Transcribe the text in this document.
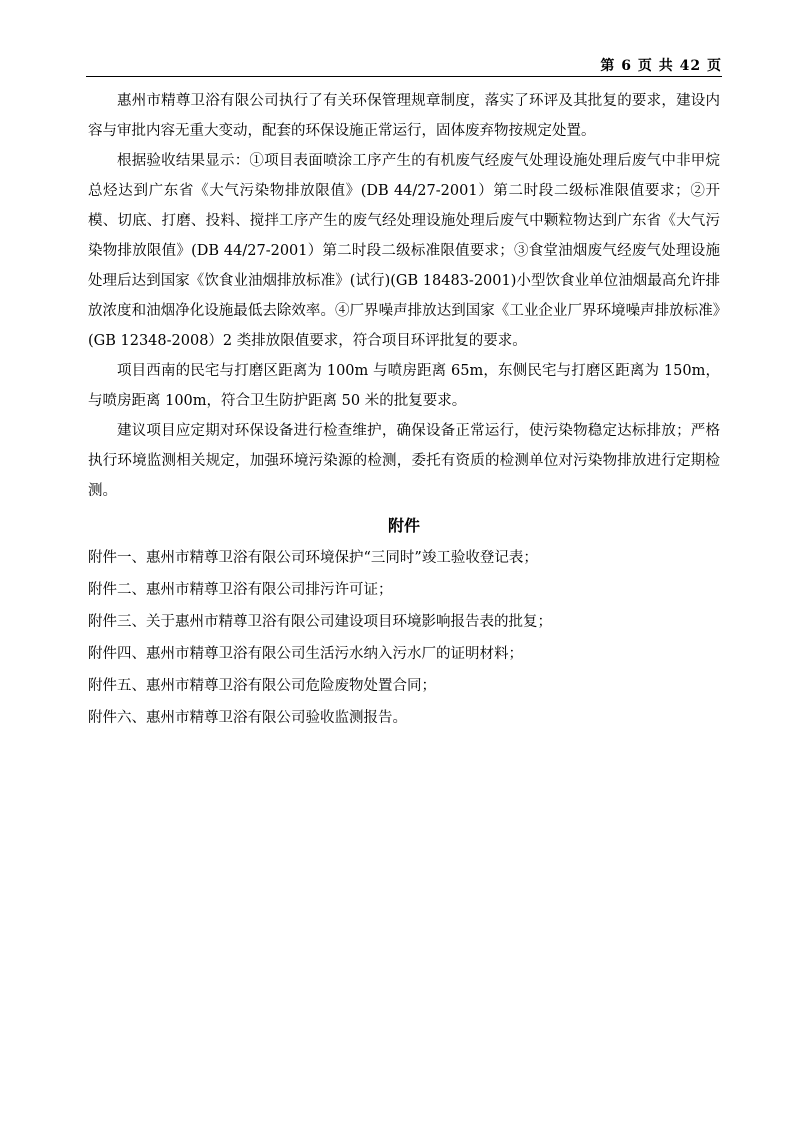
第 6 页 共 42 页

惠州市精尊卫浴有限公司执行了有关环保管理规章制度，落实了环评及其批复的要求，建设内容与审批内容无重大变动，配套的环保设施正常运行，固体废弃物按规定处置。

根据验收结果显示：①项目表面喷涂工序产生的有机废气经废气处理设施处理后废气中非甲烷总烃达到广东省《大气污染物排放限值》(DB 44/27-2001）第二时段二级标准限值要求；②开模、切底、打磨、投料、搅拌工序产生的废气经处理设施处理后废气中颗粒物达到广东省《大气污染物排放限值》(DB 44/27-2001）第二时段二级标准限值要求；③食堂油烟废气经废气处理设施处理后达到国家《饮食业油烟排放标准》(试行)(GB 18483-2001)小型饮食业单位油烟最高允许排放浓度和油烟净化设施最低去除效率。④厂界噪声排放达到国家《工业企业厂界环境噪声排放标准》(GB 12348-2008）2 类排放限值要求，符合项目环评批复的要求。

项目西南的民宅与打磨区距离为 100m 与喷房距离 65m，东侧民宅与打磨区距离为 150m，与喷房距离 100m，符合卫生防护距离 50 米的批复要求。

建议项目应定期对环保设备进行检查维护，确保设备正常运行，使污染物稳定达标排放；严格执行环境监测相关规定，加强环境污染源的检测，委托有资质的检测单位对污染物排放进行定期检测。

附件
附件一、惠州市精尊卫浴有限公司环境保护“三同时”竣工验收登记表；
附件二、惠州市精尊卫浴有限公司排污许可证；
附件三、关于惠州市精尊卫浴有限公司建设项目环境影响报告表的批复；
附件四、惠州市精尊卫浴有限公司生活污水纳入污水厂的证明材料；
附件五、惠州市精尊卫浴有限公司危险废物处置合同；
附件六、惠州市精尊卫浴有限公司验收监测报告。
